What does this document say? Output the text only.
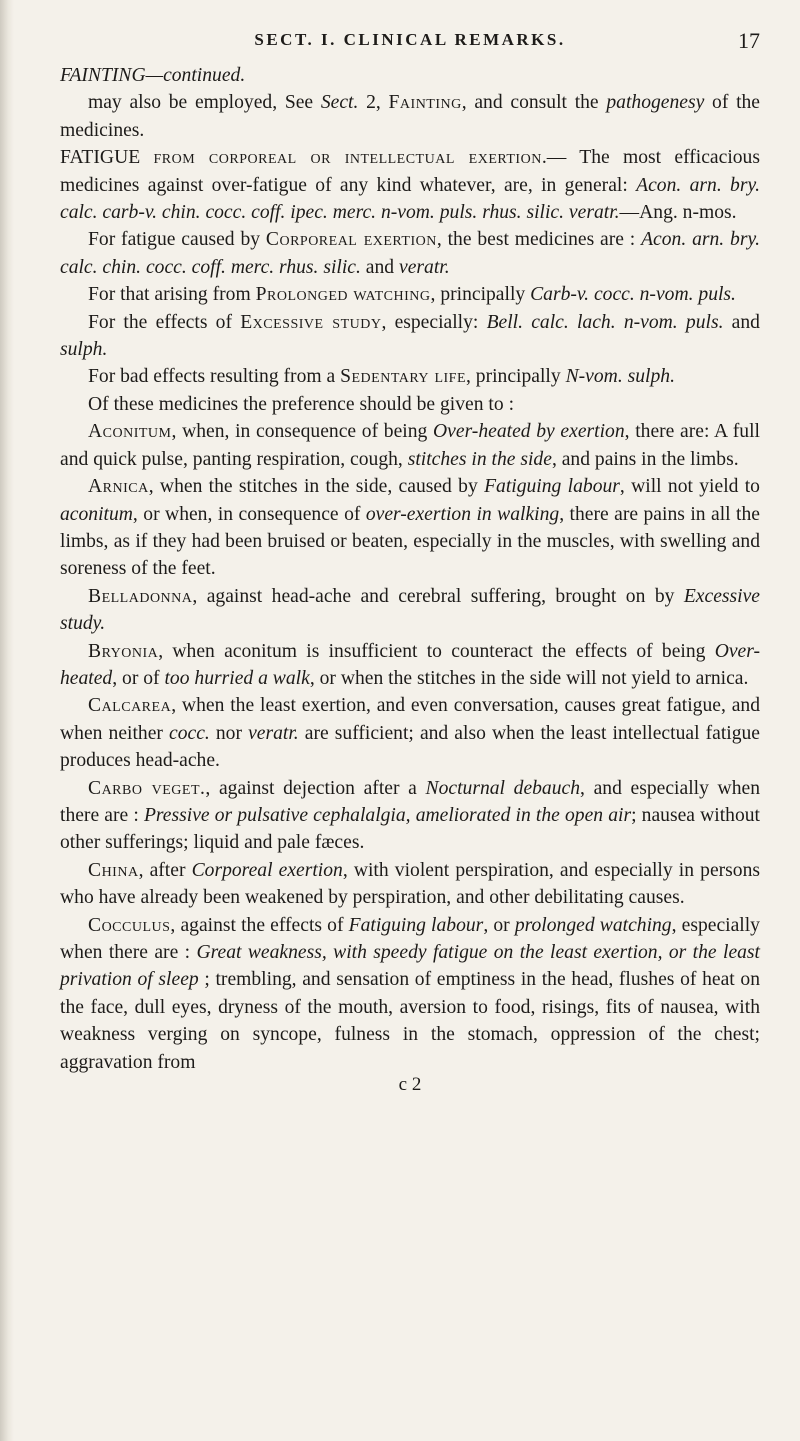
SECT. I. CLINICAL REMARKS.	17

FAINTING—continued.

may also be employed, See Sect. 2, Fainting, and consult the pathogenesy of the medicines.

FATIGUE from corporeal or intellectual exertion.— The most efficacious medicines against over-fatigue of any kind whatever, are, in general: Acon. arn. bry. calc. carb-v. chin. cocc. coff. ipec. merc. n-vom. puls. rhus. silic. veratr.—Ang. n-mos.

For fatigue caused by Corporeal exertion, the best medicines are : Acon. arn. bry. calc. chin. cocc. coff. merc. rhus. silic. and veratr.

For that arising from Prolonged watching, principally Carb-v. cocc. n-vom. puls.

For the effects of Excessive study, especially: Bell. calc. lach. n-vom. puls. and sulph.

For bad effects resulting from a Sedentary life, principally N-vom. sulph.

Of these medicines the preference should be given to :

Aconitum, when, in consequence of being Over-heated by exertion, there are: A full and quick pulse, panting respiration, cough, stitches in the side, and pains in the limbs.

Arnica, when the stitches in the side, caused by Fatiguing labour, will not yield to aconitum, or when, in consequence of over-exertion in walking, there are pains in all the limbs, as if they had been bruised or beaten, especially in the muscles, with swelling and soreness of the feet.

Belladonna, against head-ache and cerebral suffering, brought on by Excessive study.

Bryonia, when aconitum is insufficient to counteract the effects of being Over-heated, or of too hurried a walk, or when the stitches in the side will not yield to arnica.

Calcarea, when the least exertion, and even conversation, causes great fatigue, and when neither cocc. nor veratr. are sufficient; and also when the least intellectual fatigue produces head-ache.

Carbo veget., against dejection after a Nocturnal debauch, and especially when there are : Pressive or pulsative cephalalgia, ameliorated in the open air; nausea without other sufferings; liquid and pale fæces.

China, after Corporeal exertion, with violent perspiration, and especially in persons who have already been weakened by perspiration, and other debilitating causes.

Cocculus, against the effects of Fatiguing labour, or prolonged watching, especially when there are : Great weakness, with speedy fatigue on the least exertion, or the least privation of sleep ; trembling, and sensation of emptiness in the head, flushes of heat on the face, dull eyes, dryness of the mouth, aversion to food, risings, fits of nausea, with weakness verging on syncope, fulness in the stomach, oppression of the chest; aggravation from

c 2
